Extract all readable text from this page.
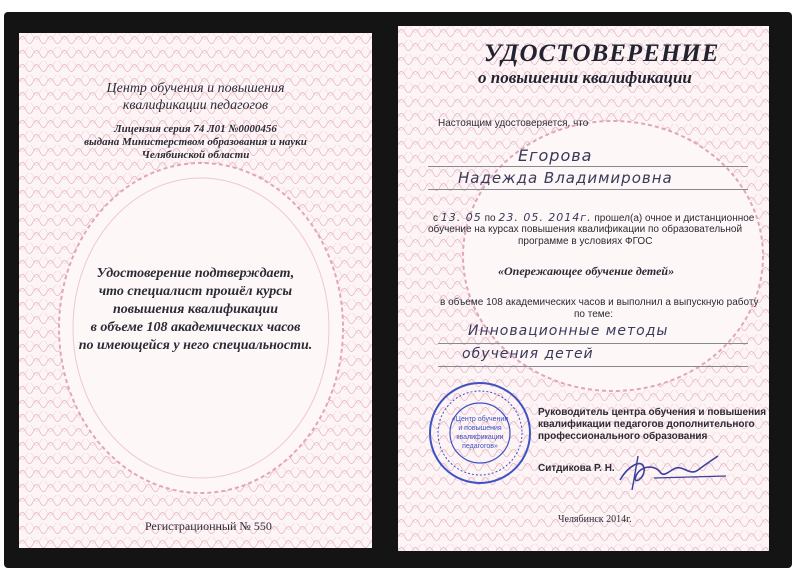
Центр обучения и повышения
квалификации педагогов
Лицензия серия 74 Л01 №0000456
выдана Министерством образования и науки
Челябинской области
Удостоверение подтверждает,
что специалист прошёл курсы
повышения квалификации
в объеме 108 академических часов
по имеющейся у него специальности.
Регистрационный № 550
УДОСТОВЕРЕНИЕ
о повышении квалификации
Настоящим удостоверяется, что
Егорова
Надежда Владимировна
с 13. 05 по 23. 05. 2014г. прошел(а) очное и дистанционное
обучение на курсах повышения квалификации по образовательной
программе в условиях ФГОС
«Опережающее обучение детей»
в объеме 108 академических часов и выполнил а выпускную работу
по теме:
Инновационные методы
обучения детей
«Центр обучения
и повышения
квалификации
педагогов»
Руководитель центра обучения и повышения
квалификации педагогов дополнительного
профессионального образования
Ситдикова Р. Н.
Челябинск 2014г.
